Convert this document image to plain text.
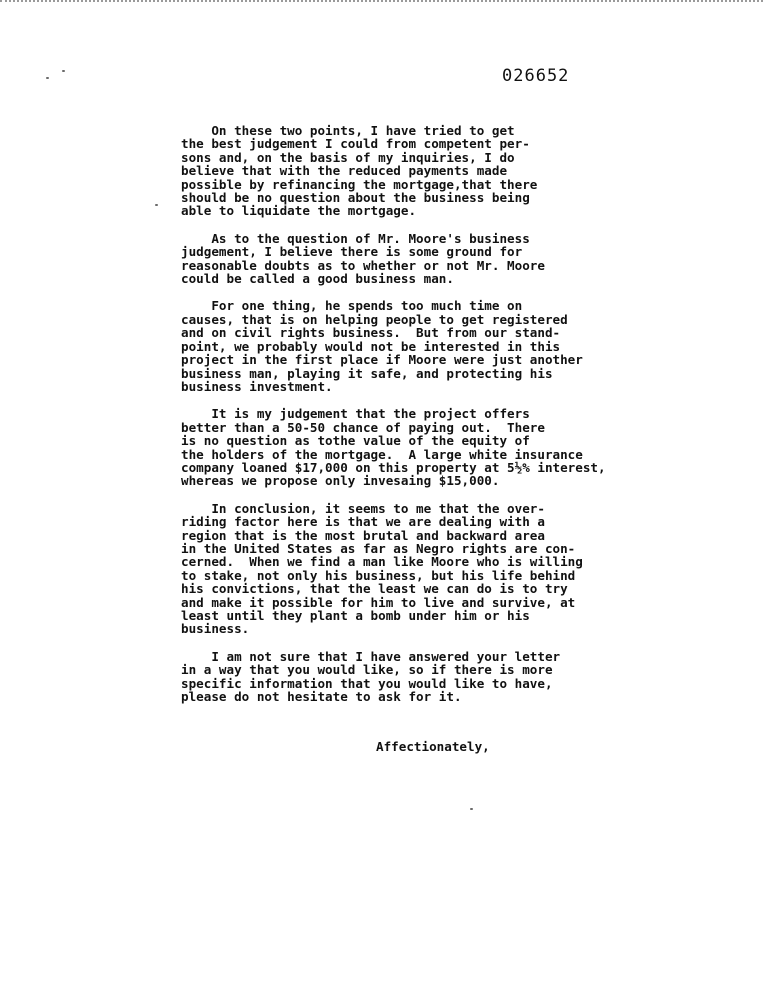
026652

On these two points, I have tried to get
the best judgement I could from competent per-
sons and, on the basis of my inquiries, I do
believe that with the reduced payments made
possible by refinancing the mortgage,that there
should be no question about the business being
able to liquidate the mortgage.

As to the question of Mr. Moore's business
judgement, I believe there is some ground for
reasonable doubts as to whether or not Mr. Moore
could be called a good business man.

For one thing, he spends too much time on
causes, that is on helping people to get registered
and on civil rights business.  But from our stand-
point, we probably would not be interested in this
project in the first place if Moore were just another
business man, playing it safe, and protecting his
business investment.

It is my judgement that the project offers
better than a 50-50 chance of paying out.  There
is no question as tothe value of the equity of
the holders of the mortgage.  A large white insurance
company loaned $17,000 on this property at 5½% interest,
whereas we propose only invesaing $15,000.

In conclusion, it seems to me that the over-
riding factor here is that we are dealing with a
region that is the most brutal and backward area
in the United States as far as Negro rights are con-
cerned.  When we find a man like Moore who is willing
to stake, not only his business, but his life behind
his convictions, that the least we can do is to try
and make it possible for him to live and survive, at
least until they plant a bomb under him or his
business.

I am not sure that I have answered your letter
in a way that you would like, so if there is more
specific information that you would like to have,
please do not hesitate to ask for it.

Affectionately,
